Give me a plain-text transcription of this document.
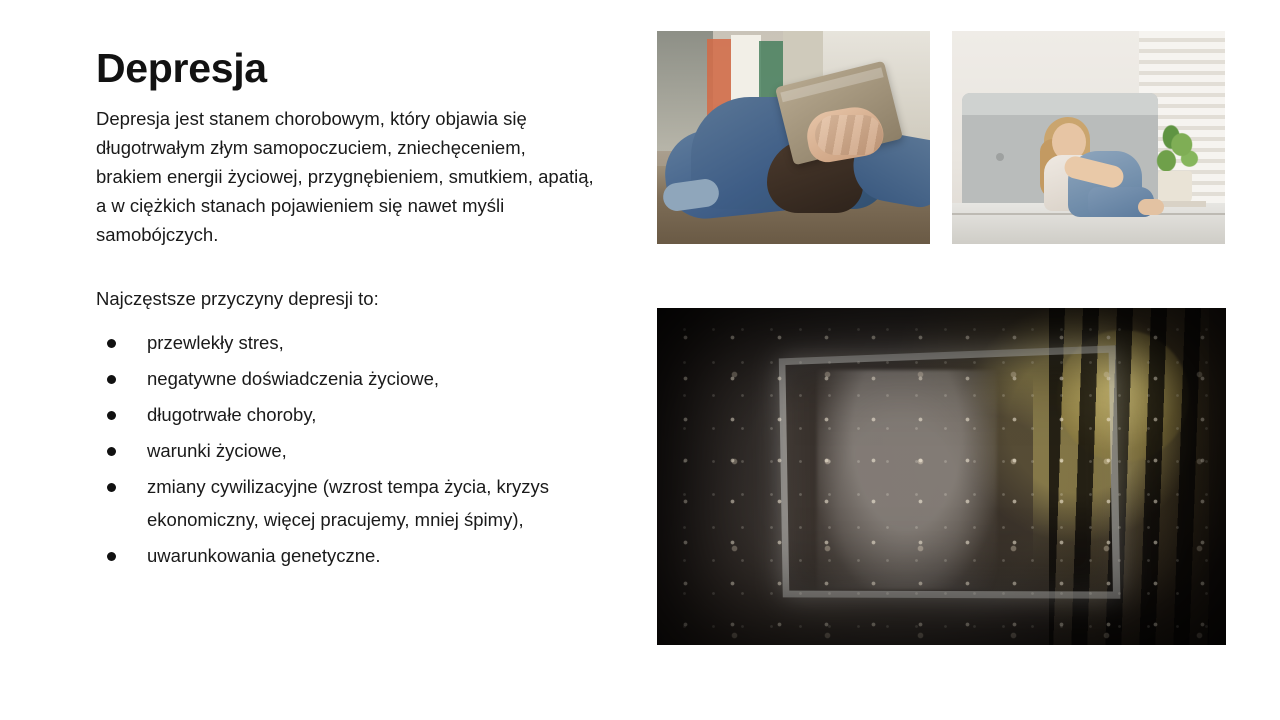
Depresja

Depresja jest stanem chorobowym, który objawia się długotrwałym złym samopoczuciem, zniechęceniem, brakiem energii życiowej, przygnębieniem, smutkiem, apatią, a w ciężkich stanach pojawieniem się nawet myśli samobójczych.

Najczęstsze przyczyny depresji to:

przewlekły stres,
negatywne doświadczenia życiowe,
długotrwałe choroby,
warunki życiowe,
zmiany cywilizacyjne (wzrost tempa życia, kryzys ekonomiczny, więcej pracujemy, mniej śpimy),
uwarunkowania genetyczne.
